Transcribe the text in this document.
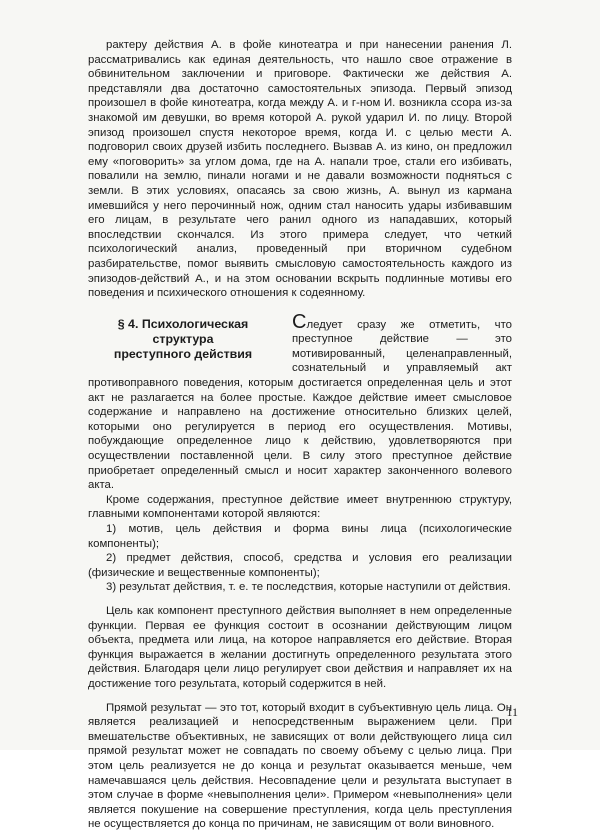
рактеру действия А. в фойе кинотеатра и при нанесении ранения Л. рассматривались как единая деятельность, что нашло свое отражение в обвинительном заключении и приговоре. Фактически же действия А. представляли два достаточно самостоятельных эпизода. Первый эпизод произошел в фойе кинотеатра, когда между А. и г-ном И. возникла ссора из-за знакомой им девушки, во время которой А. рукой ударил И. по лицу. Второй эпизод произошел спустя некоторое время, когда И. с целью мести А. подговорил своих друзей избить последнего. Вызвав А. из кино, он предложил ему «поговорить» за углом дома, где на А. напали трое, стали его избивать, повалили на землю, пинали ногами и не давали возможности подняться с земли. В этих условиях, опасаясь за свою жизнь, А. вынул из кармана имевшийся у него перочинный нож, одним стал наносить удары избивавшим его лицам, в результате чего ранил одного из нападавших, который впоследствии скончался. Из этого примера следует, что четкий психологический анализ, проведенный при вторичном судебном разбирательстве, помог выявить смысловую самостоятельность каждого из эпизодов-действий А., и на этом основании вскрыть подлинные мотивы его поведения и психического отношения к содеянному.

§ 4. Психологическая
структура
преступного действия

Следует сразу же отметить, что преступное действие — это мотивированный, целенаправленный, сознательный и управляемый акт противоправного поведения, которым достигается определенная цель и этот акт не разлагается на более простые. Каждое действие имеет смысловое содержание и направлено на достижение относительно близких целей, которыми оно регулируется в период его осуществления. Мотивы, побуждающие определенное лицо к действию, удовлетворяются при осуществлении поставленной цели. В силу этого преступное действие приобретает определенный смысл и носит характер законченного волевого акта.

Кроме содержания, преступное действие имеет внутреннюю структуру, главными компонентами которой являются:

1) мотив, цель действия и форма вины лица (психологические компоненты);

2) предмет действия, способ, средства и условия его реализации (физические и вещественные компоненты);

3) результат действия, т. е. те последствия, которые наступили от действия.

Цель как компонент преступного действия выполняет в нем определенные функции. Первая ее функция состоит в осознании действующим лицом объекта, предмета или лица, на которое направляется его действие. Вторая функция выражается в желании достигнуть определенного результата этого действия. Благодаря цели лицо регулирует свои действия и направляет их на достижение того результата, который содержится в ней.

Прямой результат — это тот, который входит в субъективную цель лица. Он является реализацией и непосредственным выражением цели. При вмешательстве объективных, не зависящих от воли действующего лица сил прямой результат может не совпадать по своему объему с целью лица. При этом цель реализуется не до конца и результат оказывается меньше, чем намечавшаяся цель действия. Несовпадение цели и результата выступает в этом случае в форме «невыполнения цели». Примером «невыполнения» цели является покушение на совершение преступления, когда цель преступления не осуществляется до конца по причинам, не зависящим от воли виновного.

11
